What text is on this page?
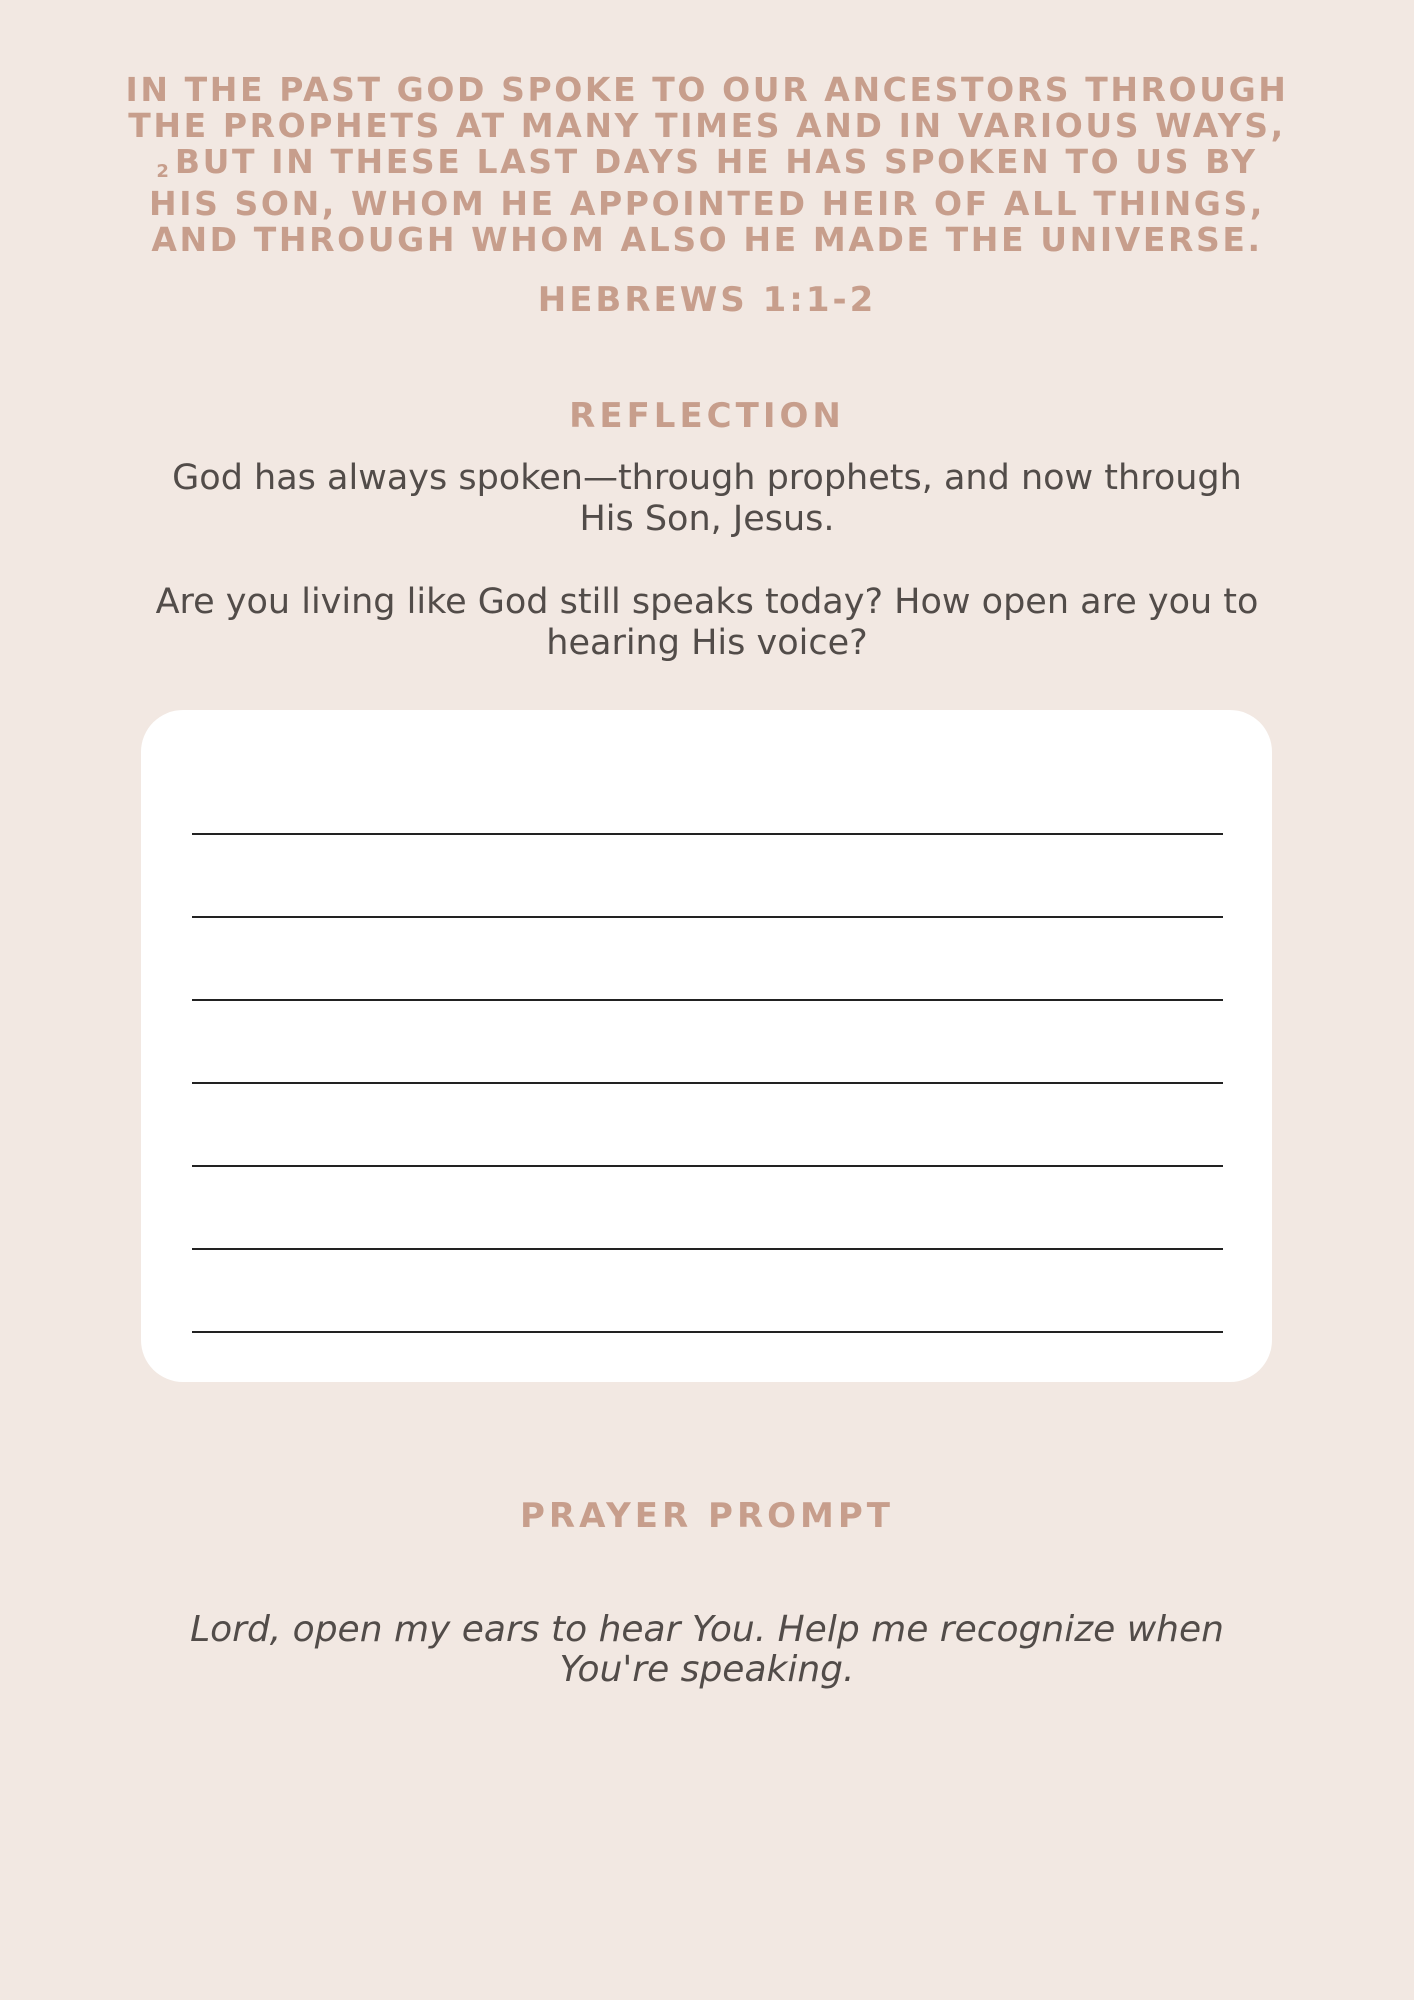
IN THE PAST GOD SPOKE TO OUR ANCESTORS THROUGH
THE PROPHETS AT MANY TIMES AND IN VARIOUS WAYS,
2 BUT IN THESE LAST DAYS HE HAS SPOKEN TO US BY
HIS SON, WHOM HE APPOINTED HEIR OF ALL THINGS,
AND THROUGH WHOM ALSO HE MADE THE UNIVERSE.
HEBREWS 1:1-2
REFLECTION
God has always spoken—through prophets, and now through
His Son, Jesus.
Are you living like God still speaks today? How open are you to
hearing His voice?
PRAYER PROMPT
Lord, open my ears to hear You. Help me recognize when
You're speaking.
